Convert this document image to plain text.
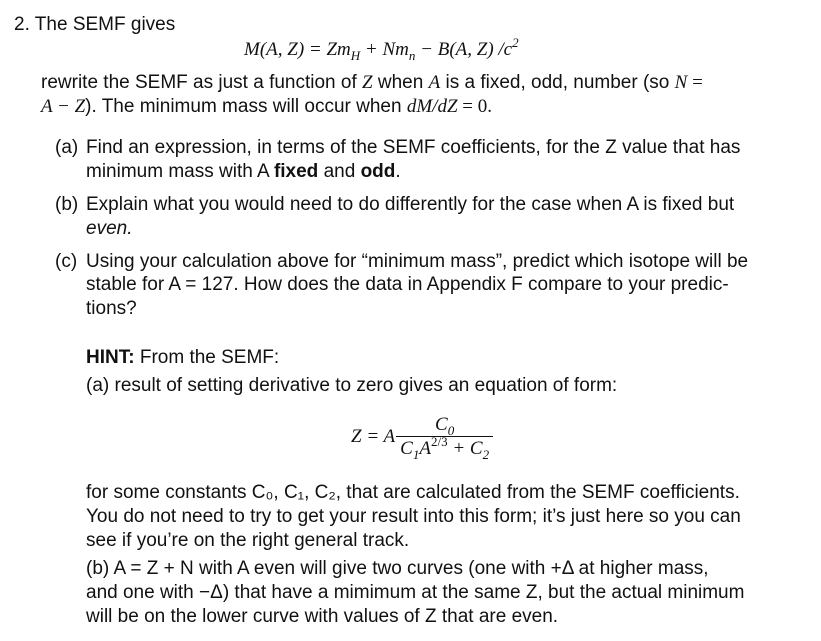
2. The SEMF gives
M(A, $Z) = Zm_H + Nm_n - B(A$, Z) $/c^2$
rewrite the SEMF as just a function of Z when A is a fixed, odd, number (so N =
A − Z). The minimum mass will occur when dM/dZ = 0.
(a) Find an expression, in terms of the SEMF coefficients, for the Z value that has
minimum mass with A fixed and odd.
(b) Explain what you would need to do differently for the case when A is fixed but
even.
(c) Using your calculation above for “minimum mass”, predict which isotope will be
stable for A = 127. How does the data in Appendix F compare to your predic-
tions?
HINT: From the SEMF:
(a) result of setting derivative to zero gives an equation of form:
Z = A $\frac{C_0}{C_1A^{2/3} + C_2}$
for some constants C₀, C₁, C₂, that are calculated from the SEMF coefficients.
You do not need to try to get your result into this form; it’s just here so you can
see if you’re on the right general track.
(b) A = Z + N with A even will give two curves (one with +Δ at higher mass,
and one with −Δ) that have a mimimum at the same Z, but the actual minimum
will be on the lower curve with values of Z that are even.
